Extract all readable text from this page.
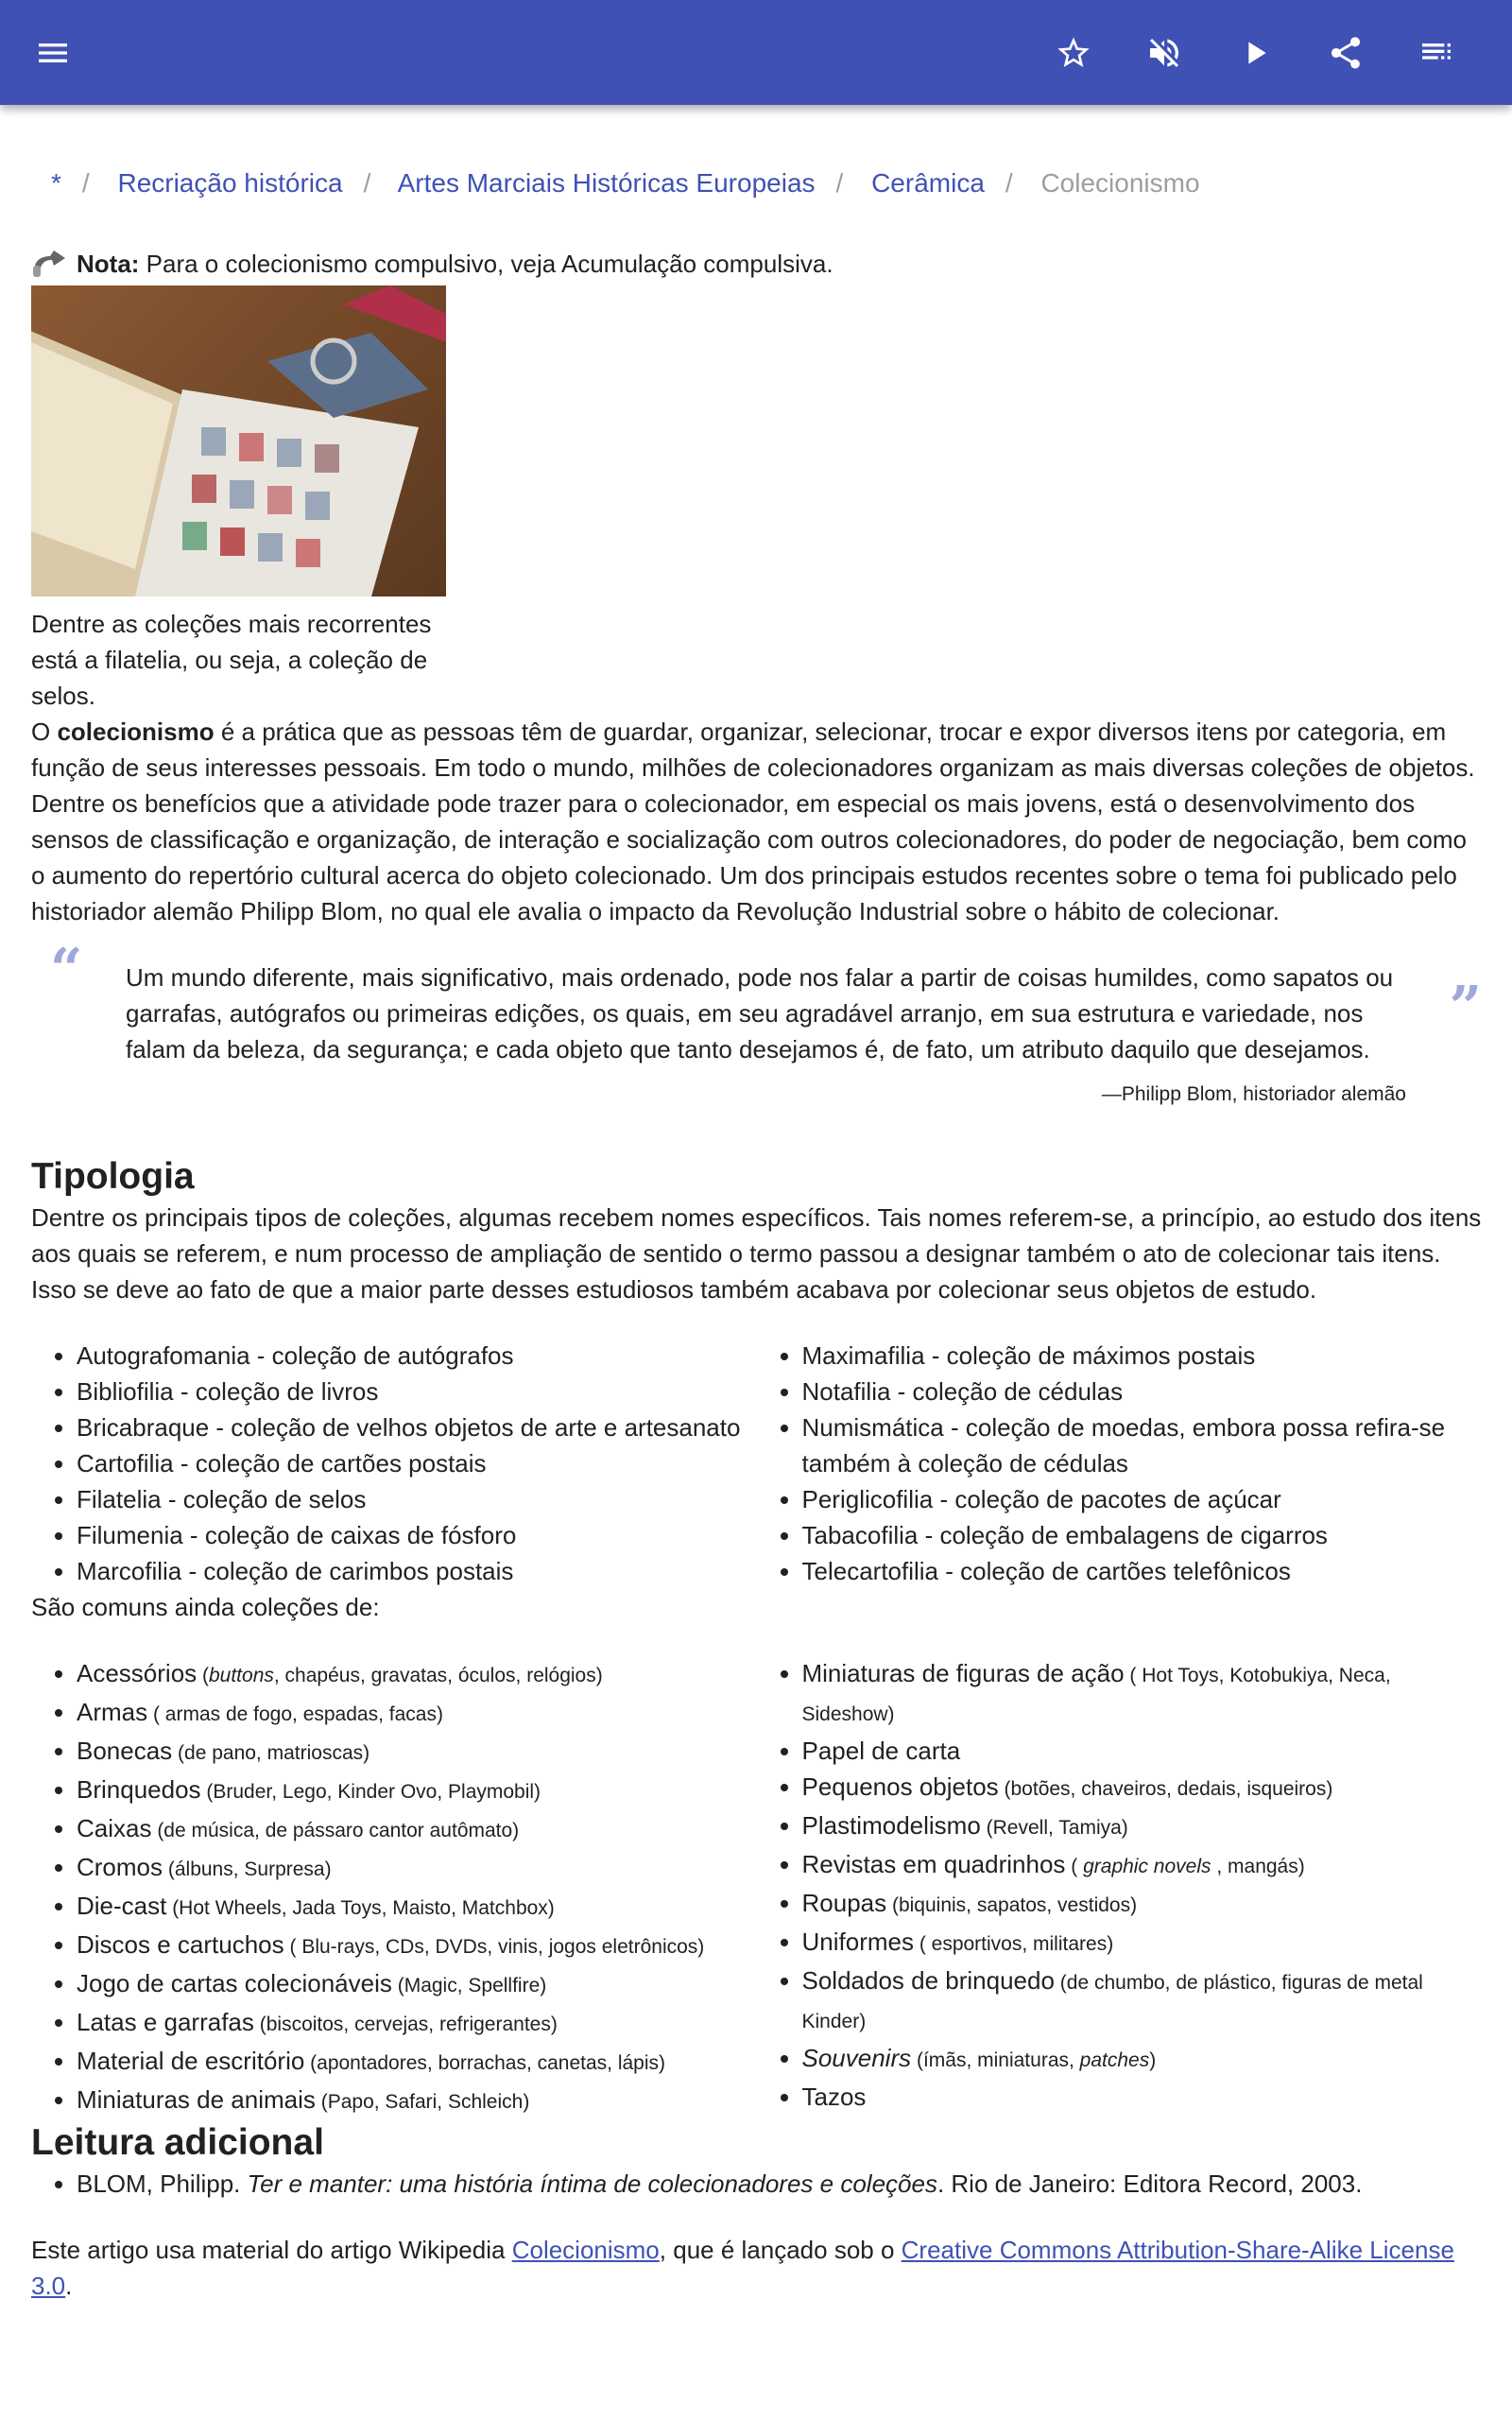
* / Recriação histórica / Artes Marciais Históricas Europeias / Cerâmica / Colecionismo
Nota: Para o colecionismo compulsivo, veja Acumulação compulsiva.

Dentre as coleções mais recorrentes está a filatelia, ou seja, a coleção de selos.

O colecionismo é a prática que as pessoas têm de guardar, organizar, selecionar, trocar e expor diversos itens por categoria, em função de seus interesses pessoais. Em todo o mundo, milhões de colecionadores organizam as mais diversas coleções de objetos. Dentre os benefícios que a atividade pode trazer para o colecionador, em especial os mais jovens, está o desenvolvimento dos sensos de classificação e organização, de interação e socialização com outros colecionadores, do poder de negociação, bem como o aumento do repertório cultural acerca do objeto colecionado. Um dos principais estudos recentes sobre o tema foi publicado pelo historiador alemão Philipp Blom, no qual ele avalia o impacto da Revolução Industrial sobre o hábito de colecionar.

“ Um mundo diferente, mais significativo, mais ordenado, pode nos falar a partir de coisas humildes, como sapatos ou garrafas, autógrafos ou primeiras edições, os quais, em seu agradável arranjo, em sua estrutura e variedade, nos falam da beleza, da segurança; e cada objeto que tanto desejamos é, de fato, um atributo daquilo que desejamos.

”
—Philipp Blom, historiador alemão
Tipologia

Dentre os principais tipos de coleções, algumas recebem nomes específicos. Tais nomes referem-se, a princípio, ao estudo dos itens aos quais se referem, e num processo de ampliação de sentido o termo passou a designar também o ato de colecionar tais itens. Isso se deve ao fato de que a maior parte desses estudiosos também acabava por colecionar seus objetos de estudo.

• Autografomania - coleção de autógrafos
• Bibliofilia - coleção de livros
• Bricabraque - coleção de velhos objetos de arte e artesanato
• Cartofilia - coleção de cartões postais
• Filatelia - coleção de selos
• Filumenia - coleção de caixas de fósforo
• Marcofilia - coleção de carimbos postais
• Maximafilia - coleção de máximos postais
• Notafilia - coleção de cédulas
• Numismática - coleção de moedas, embora possa refira-se também à coleção de cédulas
• Periglicofilia - coleção de pacotes de açúcar
• Tabacofilia - coleção de embalagens de cigarros
• Telecartofilia - coleção de cartões telefônicos

São comuns ainda coleções de:

• Acessórios (buttons, chapéus, gravatas, óculos, relógios)
• Armas ( armas de fogo, espadas, facas)
• Bonecas (de pano, matrioscas)
• Brinquedos (Bruder, Lego, Kinder Ovo, Playmobil)
• Caixas (de música, de pássaro cantor autômato)
• Cromos (álbuns, Surpresa)
• Die-cast (Hot Wheels, Jada Toys, Maisto, Matchbox)
• Discos e cartuchos ( Blu-rays, CDs, DVDs, vinis, jogos eletrônicos)
• Jogo de cartas colecionáveis (Magic, Spellfire)
• Latas e garrafas (biscoitos, cervejas, refrigerantes)
• Material de escritório (apontadores, borrachas, canetas, lápis)
• Miniaturas de animais (Papo, Safari, Schleich)
• Miniaturas de figuras de ação ( Hot Toys, Kotobukiya, Neca, Sideshow)
• Papel de carta
• Pequenos objetos (botões, chaveiros, dedais, isqueiros)
• Plastimodelismo (Revell, Tamiya)
• Revistas em quadrinhos ( graphic novels , mangás)
• Roupas (biquinis, sapatos, vestidos)
• Uniformes ( esportivos, militares)
• Soldados de brinquedo (de chumbo, de plástico, figuras de metal Kinder)
• Souvenirs (ímãs, miniaturas, patches)
• Tazos
Leitura adicional
• BLOM, Philipp. Ter e manter: uma história íntima de colecionadores e coleções. Rio de Janeiro: Editora Record, 2003.

Este artigo usa material do artigo Wikipedia Colecionismo, que é lançado sob o Creative Commons Attribution-Share-Alike License 3.0.
